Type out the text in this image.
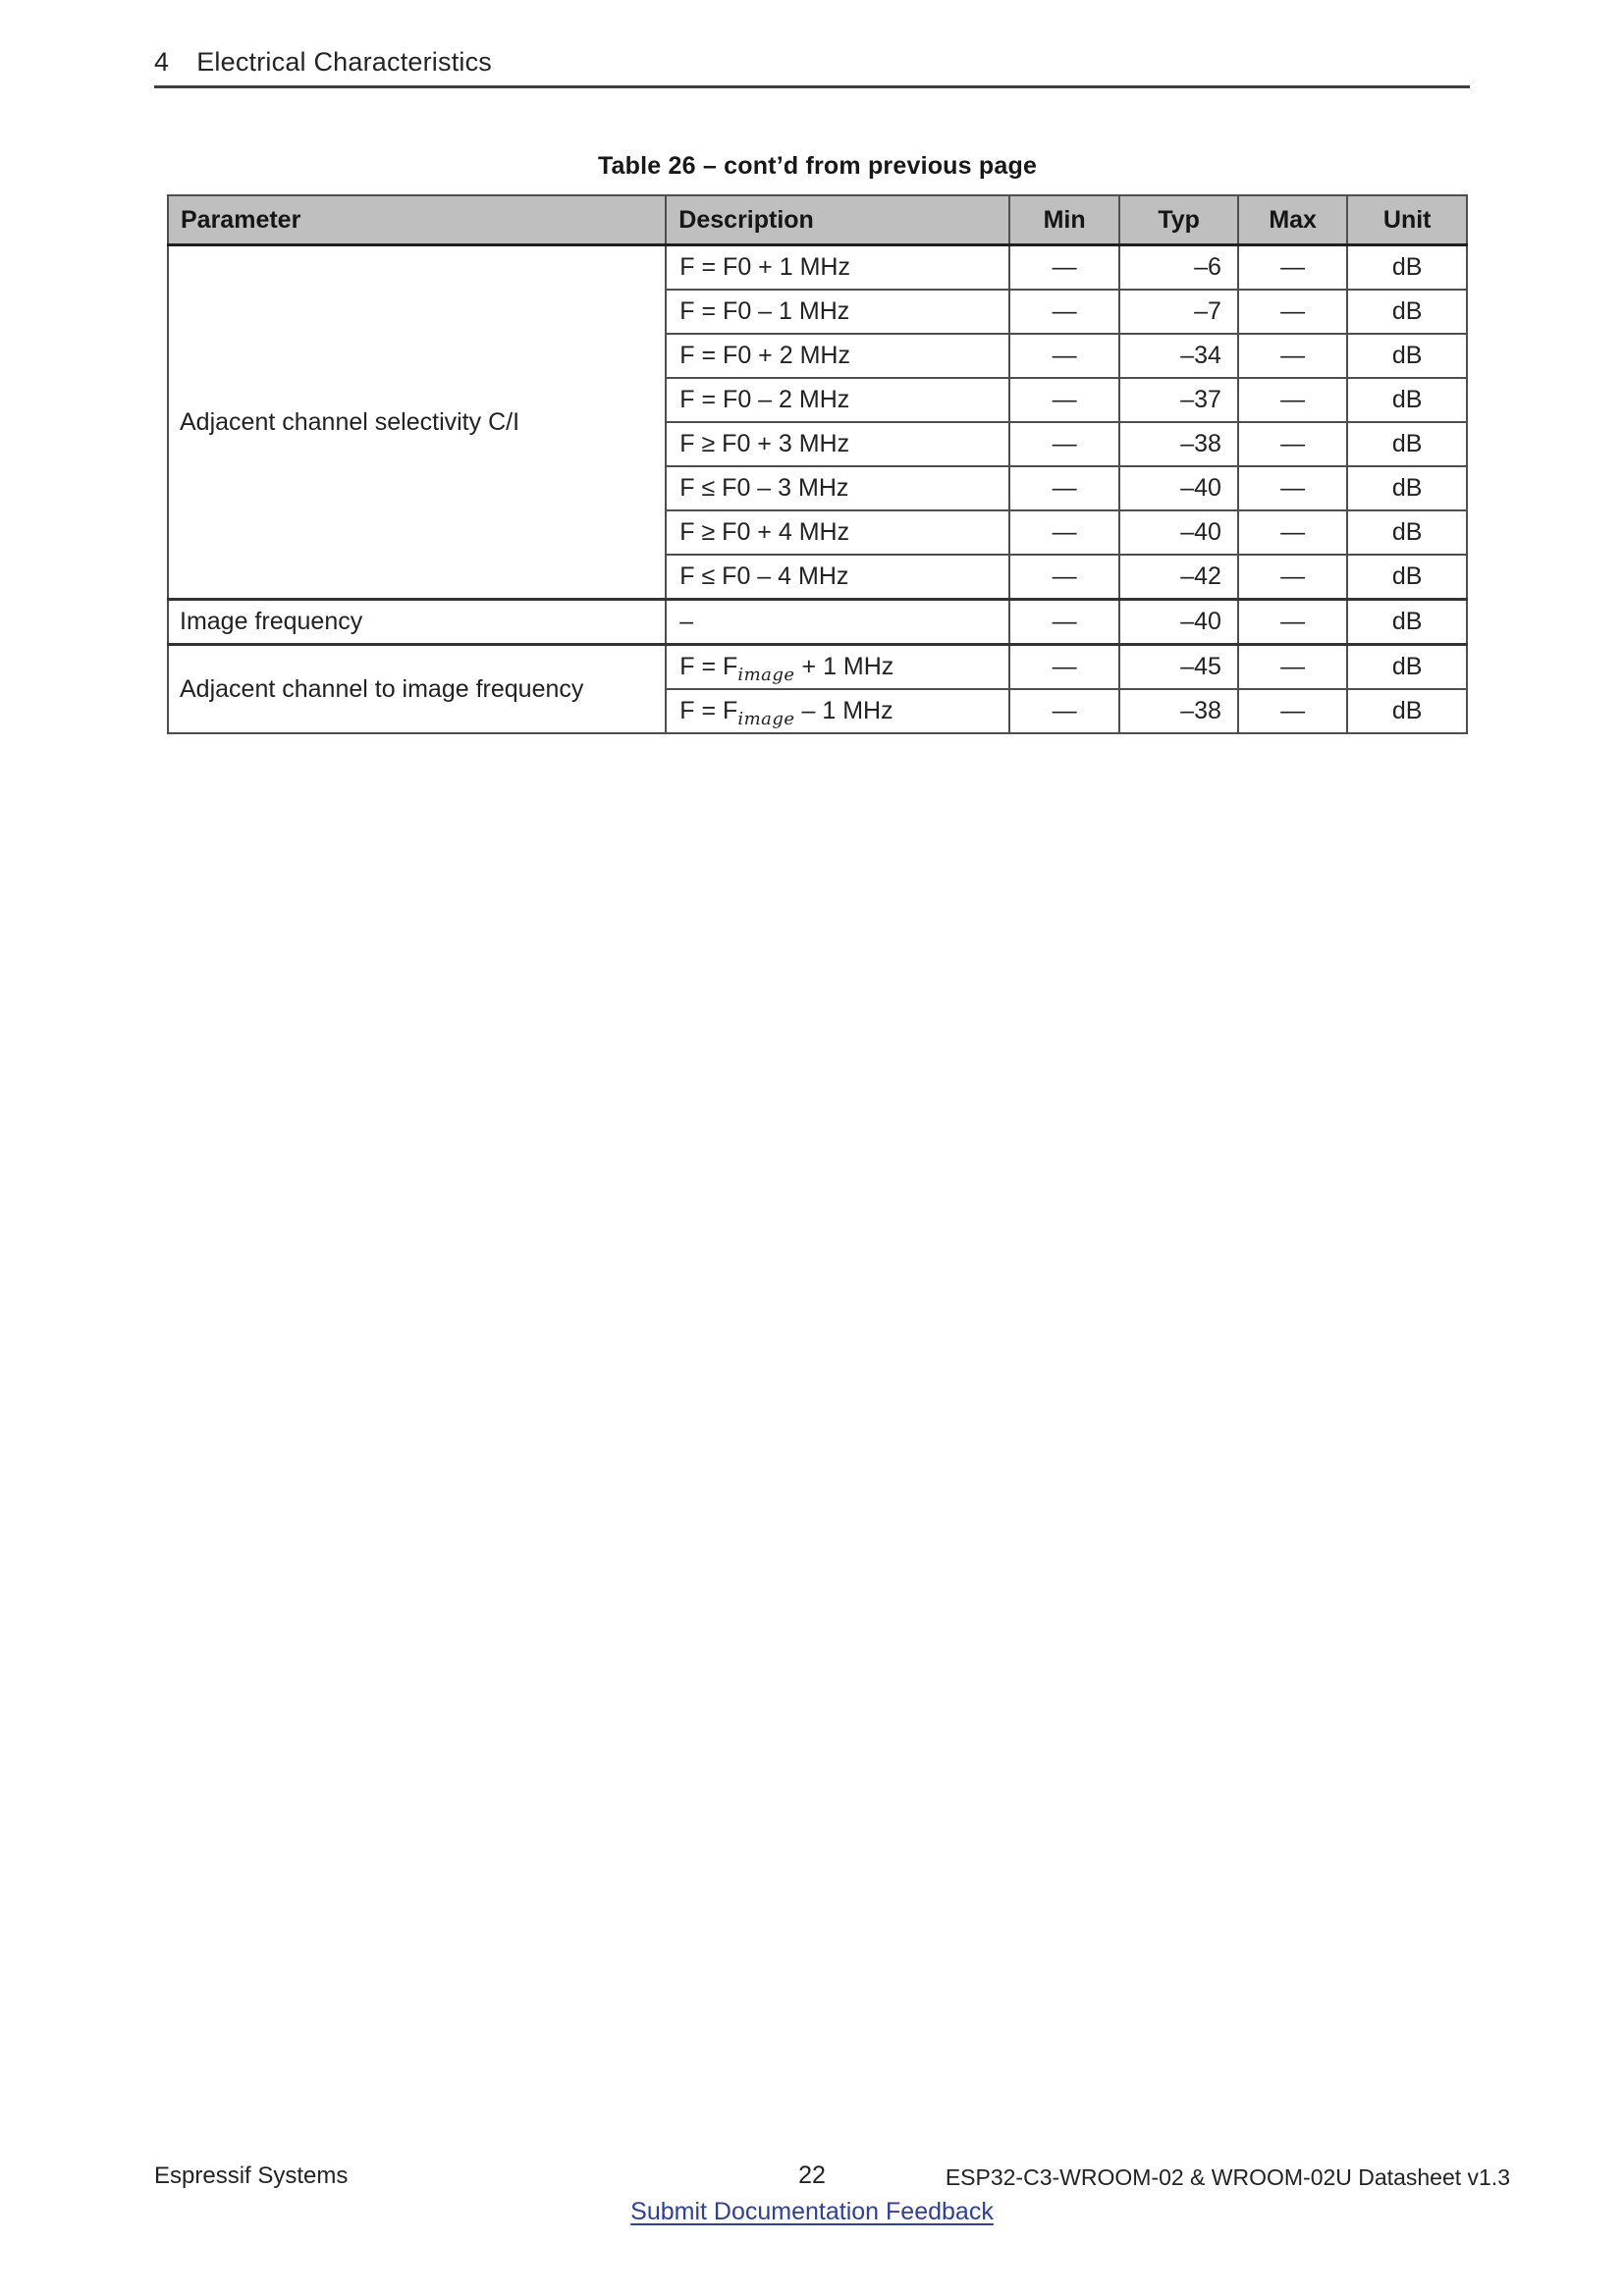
4 Electrical Characteristics
Table 26 – cont’d from previous page
Parameter	Description	Min	Typ	Max	Unit
Adjacent channel selectivity C/I	F = F0 + 1 MHz	—	–6	—	dB
	F = F0 – 1 MHz	—	–7	—	dB
	F = F0 + 2 MHz	—	–34	—	dB
	F = F0 – 2 MHz	—	–37	—	dB
	F ≥ F0 + 3 MHz	—	–38	—	dB
	F ≤ F0 – 3 MHz	—	–40	—	dB
	F ≥ F0 + 4 MHz	—	–40	—	dB
	F ≤ F0 – 4 MHz	—	–42	—	dB
Image frequency	–	—	–40	—	dB
Adjacent channel to image frequency	$F = F_{image} + 1$ MHz	—	–45	—	dB
	$F = F_{image} - 1$ MHz	—	–38	—	dB
Espressif Systems	22	ESP32-C3-WROOM-02 & WROOM-02U Datasheet v1.3
Submit Documentation Feedback
